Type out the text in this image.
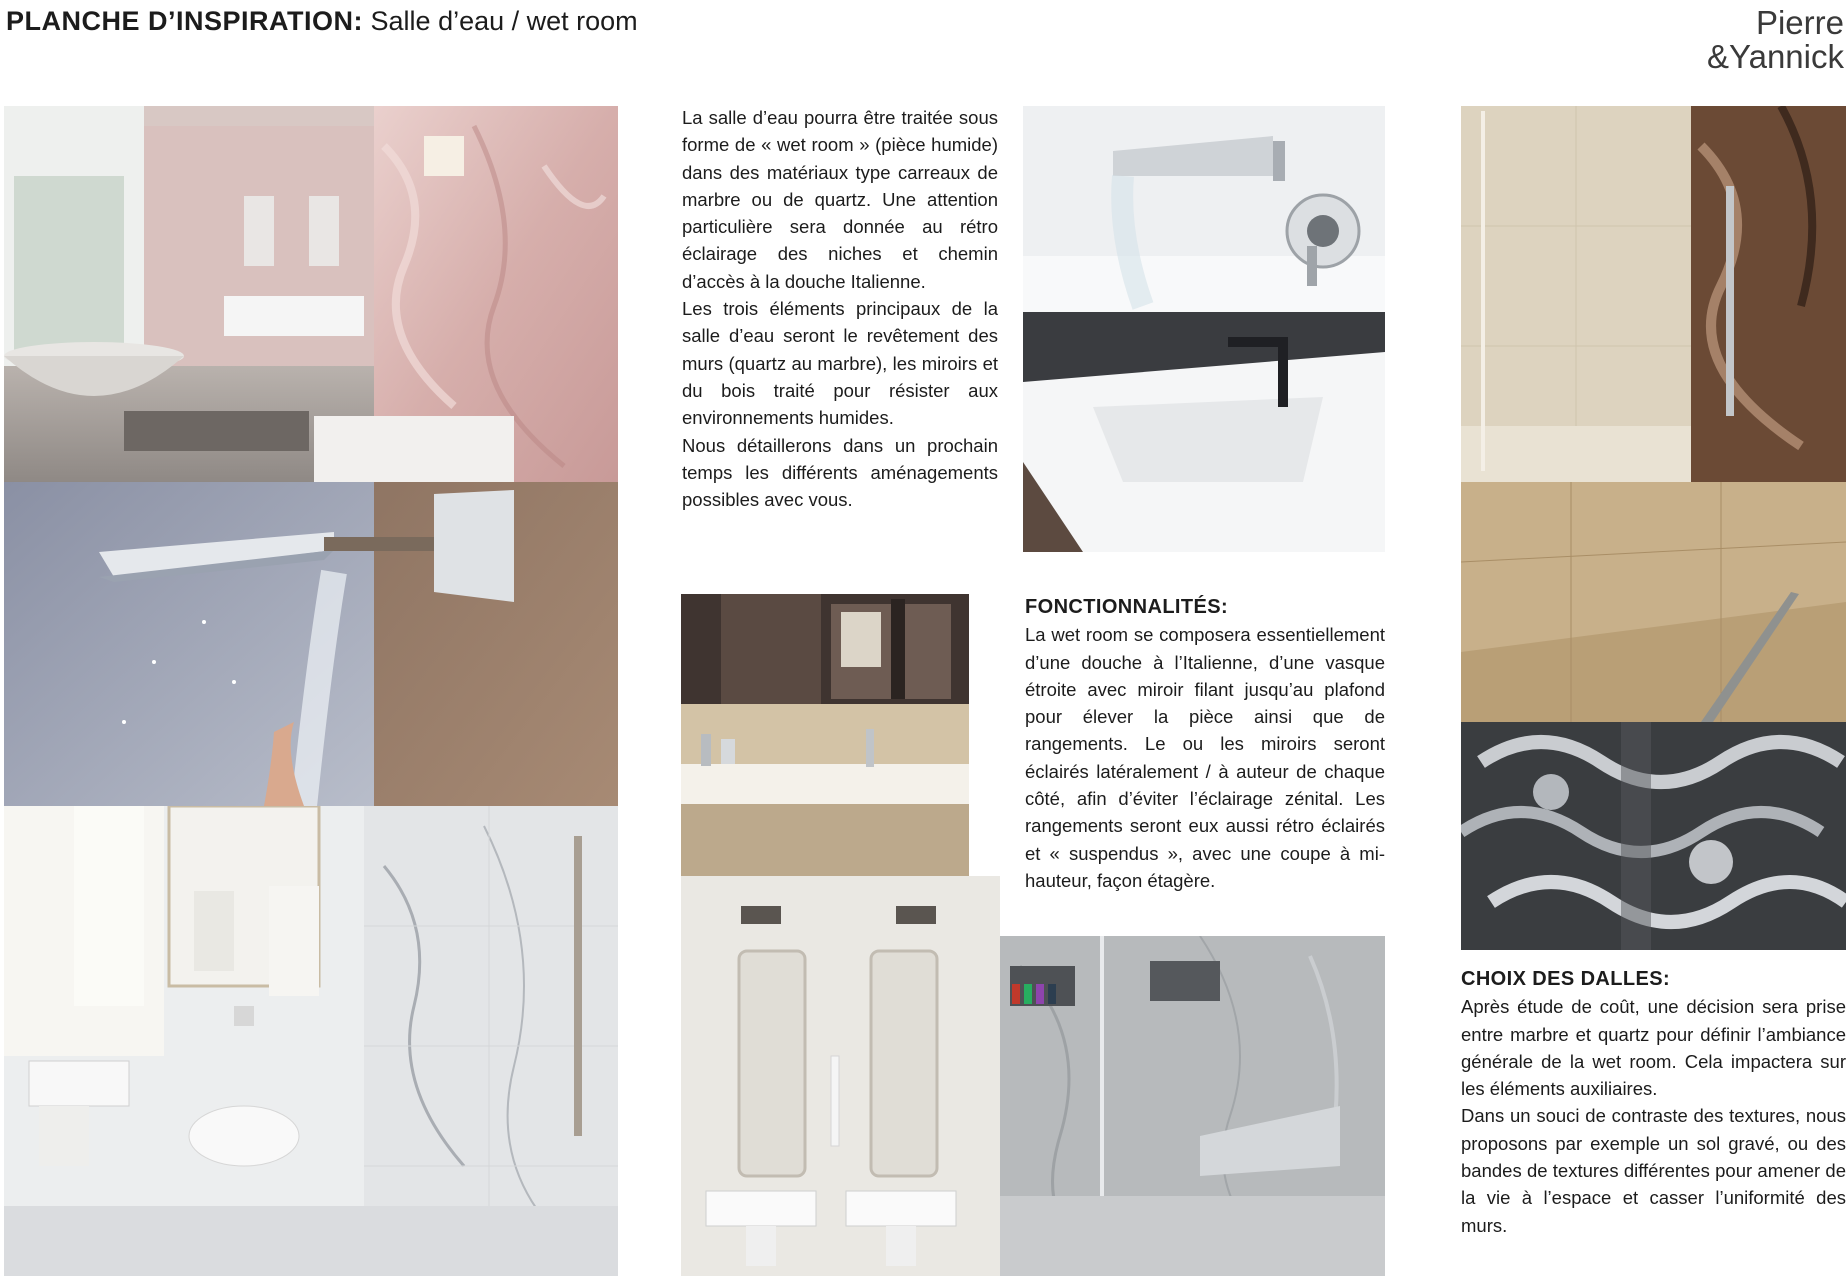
PLANCHE D’INSPIRATION: Salle d’eau / wet room	Pierre
&Yannick

La salle d’eau pourra être traitée sous forme de « wet room » (pièce humide) dans des matériaux type carreaux de marbre ou de quartz. Une attention particulière sera donnée au rétro éclairage des niches et chemin d’accès à la douche Italienne.

Les trois éléments principaux de la salle d’eau seront le revêtement des murs (quartz au marbre), les miroirs et du bois traité pour résister aux environnements humides.

Nous détaillerons dans un prochain temps les différents aménagements possibles avec vous.

FONCTIONNALITÉS:

La wet room se composera essentiellement d’une douche à l’Italienne, d’une vasque étroite avec miroir filant jusqu’au plafond pour élever la pièce ainsi que de rangements. Le ou les miroirs seront éclairés latéralement / à auteur de chaque côté, afin d’éviter l’éclairage zénital. Les rangements seront eux aussi rétro éclairés et « suspendus », avec une coupe à mi-hauteur, façon étagère.

CHOIX DES DALLES:

Après étude de coût, une décision sera prise entre marbre et quartz pour définir l’ambiance générale de la wet room. Cela impactera sur les éléments auxiliaires.

Dans un souci de contraste des textures, nous proposons par exemple un sol gravé, ou des bandes de textures différentes pour amener de la vie à l’espace et casser l’uniformité des murs.
